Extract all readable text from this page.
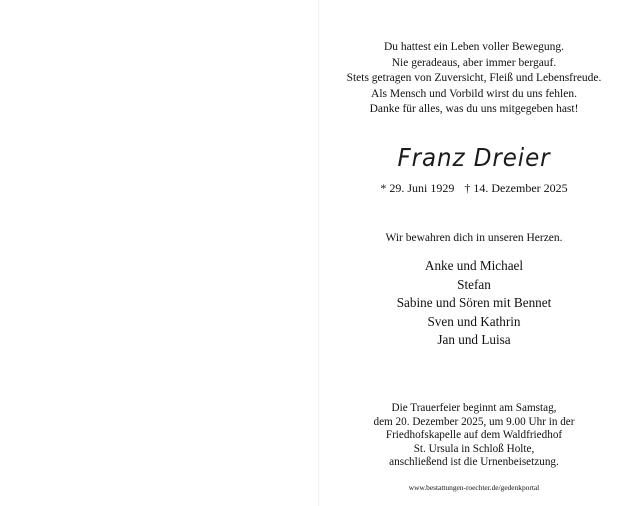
Du hattest ein Leben voller Bewegung.
Nie geradeaus, aber immer bergauf.
Stets getragen von Zuversicht, Fleiß und Lebensfreude.
Als Mensch und Vorbild wirst du uns fehlen.
Danke für alles, was du uns mitgegeben hast!
Franz Dreier
* 29. Juni 1929 † 14. Dezember 2025
Wir bewahren dich in unseren Herzen.
Anke und Michael
Stefan
Sabine und Sören mit Bennet
Sven und Kathrin
Jan und Luisa
Die Trauerfeier beginnt am Samstag,
dem 20. Dezember 2025, um 9.00 Uhr in der
Friedhofskapelle auf dem Waldfriedhof
St. Ursula in Schloß Holte,
anschließend ist die Urnenbeisetzung.
www.bestattungen-roechter.de/gedenkportal
